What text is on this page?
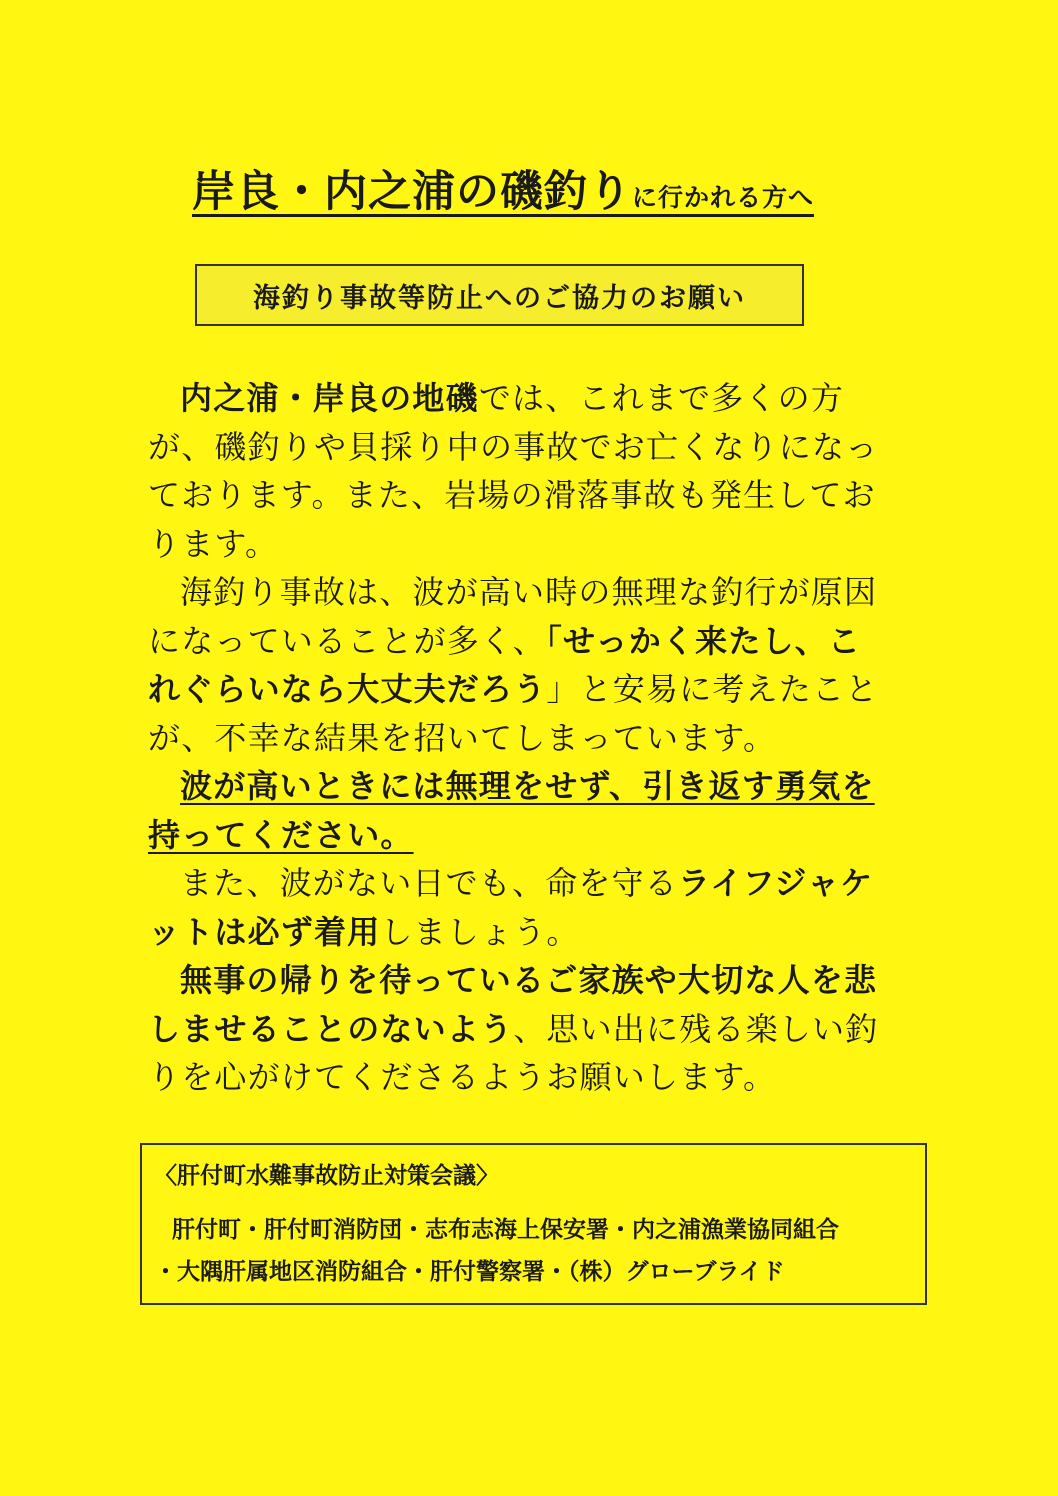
岸良・内之浦の磯釣りに行かれる方へ
海釣り事故等防止へのご協力のお願い

内之浦・岸良の地磯では、これまで多くの方が、磯釣りや貝採り中の事故でお亡くなりになっております。また、岩場の滑落事故も発生しております。

海釣り事故は、波が高い時の無理な釣行が原因になっていることが多く、「せっかく来たし、これぐらいなら大丈夫だろう」と安易に考えたことが、不幸な結果を招いてしまっています。

波が高いときには無理をせず、引き返す勇気を持ってください。

また、波がない日でも、命を守るライフジャケットは必ず着用しましょう。

無事の帰りを待っているご家族や大切な人を悲しませることのないよう、思い出に残る楽しい釣りを心がけてくださるようお願いします。

〈肝付町水難事故防止対策会議〉
肝付町・肝付町消防団・志布志海上保安署・内之浦漁業協同組合
・大隅肝属地区消防組合・肝付警察署・（株）グローブライド
